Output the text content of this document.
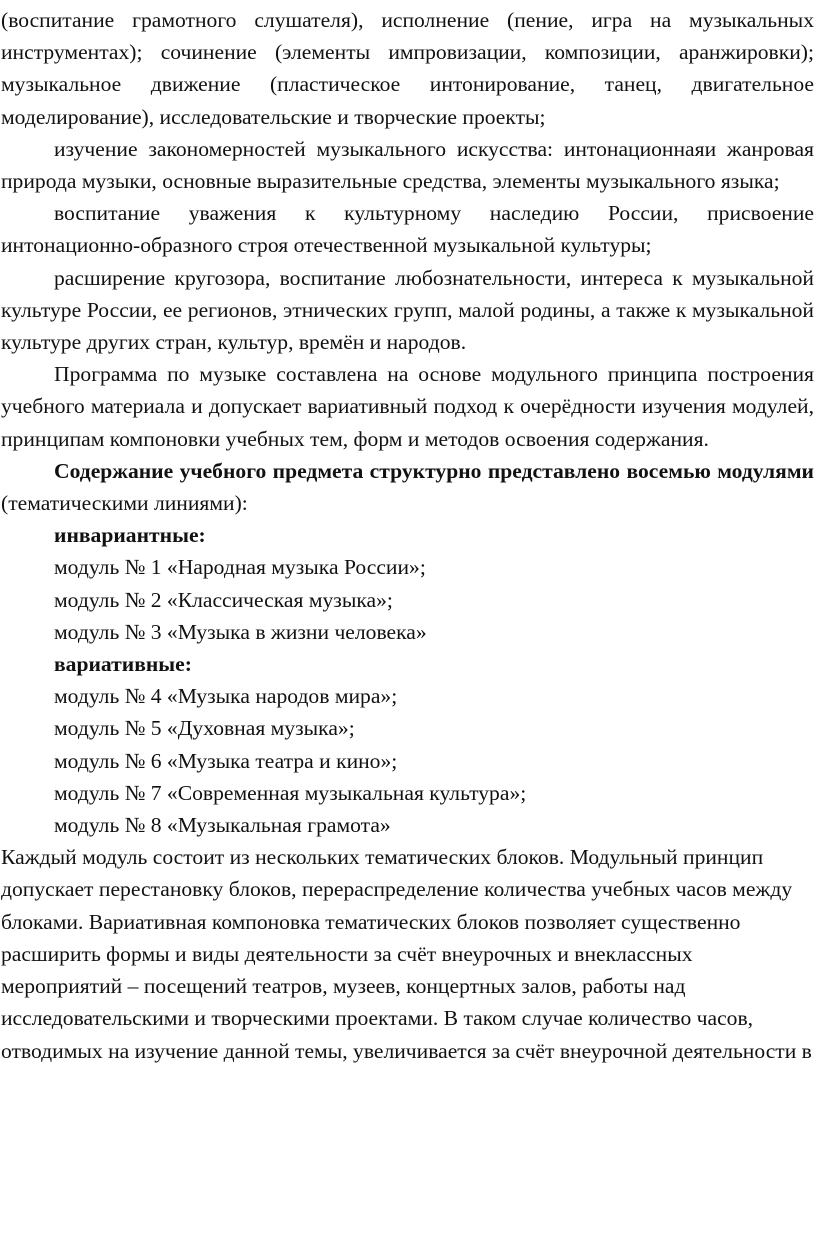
(воспитание грамотного слушателя), исполнение (пение, игра на музыкальных инструментах); сочинение (элементы импровизации, композиции, аранжировки); музыкальное движение (пластическое интонирование, танец, двигательное моделирование), исследовательские и творческие проекты;

изучение закономерностей музыкального искусства: интонационнаяи жанровая природа музыки, основные выразительные средства, элементы музыкального языка;

воспитание уважения к культурному наследию России, присвоение интонационно-образного строя отечественной музыкальной культуры;

расширение кругозора, воспитание любознательности, интереса к музыкальной культуре России, ее регионов, этнических групп, малой родины, а также к музыкальной культуре других стран, культур, времён и народов.

Программа по музыке составлена на основе модульного принципа построения учебного материала и допускает вариативный подход к очерёдности изучения модулей, принципам компоновки учебных тем, форм и методов освоения содержания.

Содержание учебного предмета структурно представлено восемью модулями (тематическими линиями):

инвариантные:
модуль № 1 «Народная музыка России»;
модуль № 2 «Классическая музыка»;
модуль № 3 «Музыка в жизни человека»
вариативные:
модуль № 4 «Музыка народов мира»;
модуль № 5 «Духовная музыка»;
модуль № 6 «Музыка театра и кино»;
модуль № 7 «Современная музыкальная культура»;
модуль № 8 «Музыкальная грамота»

Каждый модуль состоит из нескольких тематических блоков. Модульный принцип допускает перестановку блоков, перераспределение количества учебных часов между блоками. Вариативная компоновка тематических блоков позволяет существенно расширить формы и виды деятельности за счёт внеурочных и внеклассных мероприятий – посещений театров, музеев, концертных залов, работы над исследовательскими и творческими проектами. В таком случае количество часов, отводимых на изучение данной темы, увеличивается за счёт внеурочной деятельности в
